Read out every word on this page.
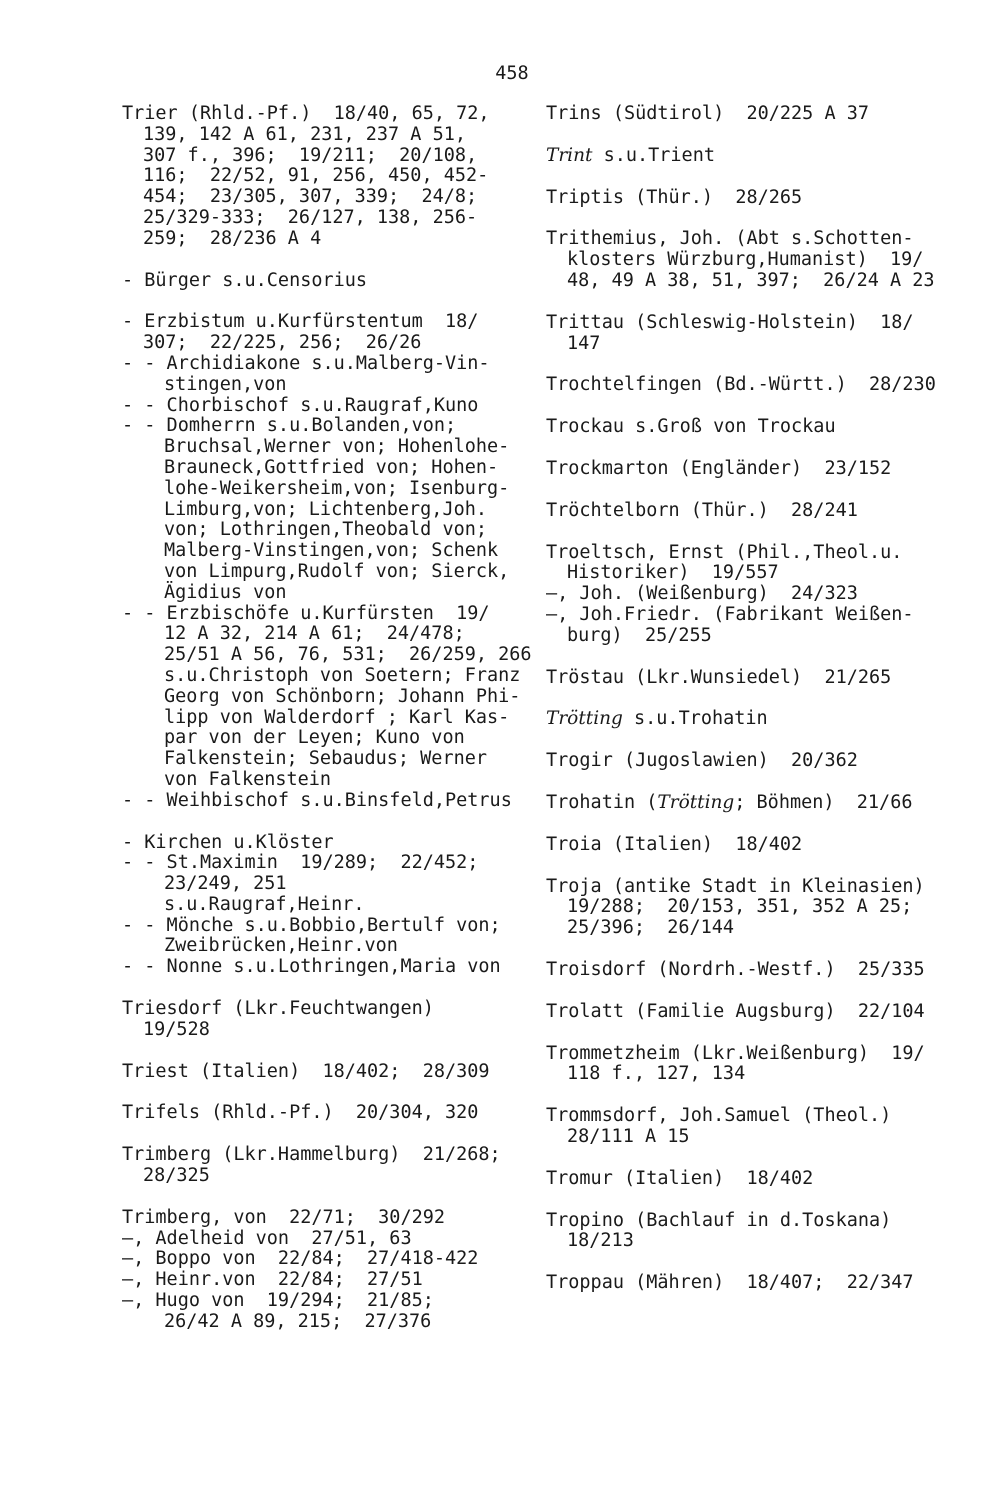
458
Trier (Rhld.-Pf.)  18/40, 65, 72,
139, 142 A 61, 231, 237 A 51,
307 f., 396;  19/211;  20/108,
116;  22/52, 91, 256, 450, 452-
454;  23/305, 307, 339;  24/8;
25/329-333;  26/127, 138, 256-
259;  28/236 A 4
- Bürger s.u.Censorius
- Erzbistum u.Kurfürstentum  18/
307;  22/225, 256;  26/26
- - Archidiakone s.u.Malberg-Vin-
stingen,von
- - Chorbischof s.u.Raugraf,Kuno
- - Domherrn s.u.Bolanden,von;
Bruchsal,Werner von; Hohenlohe-
Brauneck,Gottfried von; Hohen-
lohe-Weikersheim,von; Isenburg-
Limburg,von; Lichtenberg,Joh.
von; Lothringen,Theobald von;
Malberg-Vinstingen,von; Schenk
von Limpurg,Rudolf von; Sierck,
Ägidius von
- - Erzbischöfe u.Kurfürsten  19/
12 A 32, 214 A 61;  24/478;
25/51 A 56, 76, 531;  26/259, 266
s.u.Christoph von Soetern; Franz
Georg von Schönborn; Johann Phi-
lipp von Walderdorf ; Karl Kas-
par von der Leyen; Kuno von
Falkenstein; Sebaudus; Werner
von Falkenstein
- - Weihbischof s.u.Binsfeld,Petrus
- Kirchen u.Klöster
- - St.Maximin  19/289;  22/452;
23/249, 251
s.u.Raugraf,Heinr.
- - Mönche s.u.Bobbio,Bertulf von;
Zweibrücken,Heinr.von
- - Nonne s.u.Lothringen,Maria von
Triesdorf (Lkr.Feuchtwangen)
19/528
Triest (Italien)  18/402;  28/309
Trifels (Rhld.-Pf.)  20/304, 320
Trimberg (Lkr.Hammelburg)  21/268;
28/325
Trimberg, von  22/71;  30/292
—, Adelheid von  27/51, 63
—, Boppo von  22/84;  27/418-422
—, Heinr.von  22/84;  27/51
—, Hugo von  19/294;  21/85;
26/42 A 89, 215;  27/376
Trins (Südtirol)  20/225 A 37
Trint s.u.Trient
Triptis (Thür.)  28/265
Trithemius, Joh. (Abt s.Schotten-
klosters Würzburg,Humanist)  19/
48, 49 A 38, 51, 397;  26/24 A 23
Trittau (Schleswig-Holstein)  18/
147
Trochtelfingen (Bd.-Württ.)  28/230
Trockau s.Groß von Trockau
Trockmarton (Engländer)  23/152
Tröchtelborn (Thür.)  28/241
Troeltsch, Ernst (Phil.,Theol.u.
Historiker)  19/557
—, Joh. (Weißenburg)  24/323
—, Joh.Friedr. (Fabrikant Weißen-
burg)  25/255
Tröstau (Lkr.Wunsiedel)  21/265
Trötting s.u.Trohatin
Trogir (Jugoslawien)  20/362
Trohatin (Trötting; Böhmen)  21/66
Troia (Italien)  18/402
Troja (antike Stadt in Kleinasien)
19/288;  20/153, 351, 352 A 25;
25/396;  26/144
Troisdorf (Nordrh.-Westf.)  25/335
Trolatt (Familie Augsburg)  22/104
Trommetzheim (Lkr.Weißenburg)  19/
118 f., 127, 134
Trommsdorf, Joh.Samuel (Theol.)
28/111 A 15
Tromur (Italien)  18/402
Tropino (Bachlauf in d.Toskana)
18/213
Troppau (Mähren)  18/407;  22/347
